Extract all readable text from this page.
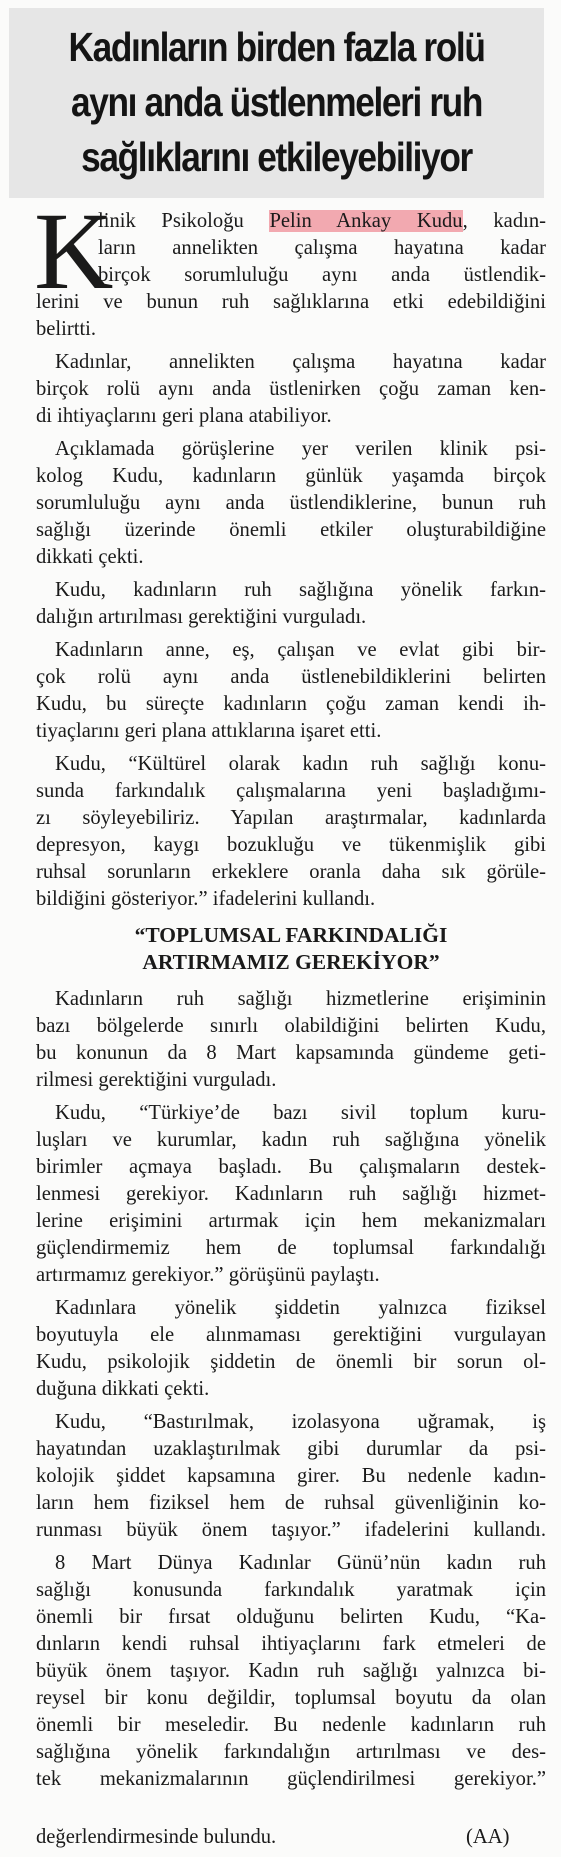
Kadınların birden fazla rolü
aynı anda üstlenmeleri ruh
sağlıklarını etkileyebiliyor
K
linik Psikoloğu Pelin Ankay Kudu, kadın-
ların annelikten çalışma hayatına kadar
birçok sorumluluğu aynı anda üstlendik-
lerini ve bunun ruh sağlıklarına etki edebildiğini
belirtti.
Kadınlar, annelikten çalışma hayatına kadar
birçok rolü aynı anda üstlenirken çoğu zaman ken-
di ihtiyaçlarını geri plana atabiliyor.
Açıklamada görüşlerine yer verilen klinik psi-
kolog Kudu, kadınların günlük yaşamda birçok
sorumluluğu aynı anda üstlendiklerine, bunun ruh
sağlığı üzerinde önemli etkiler oluşturabildiğine
dikkati çekti.
Kudu, kadınların ruh sağlığına yönelik farkın-
dalığın artırılması gerektiğini vurguladı.
Kadınların anne, eş, çalışan ve evlat gibi bir-
çok rolü aynı anda üstlenebildiklerini belirten
Kudu, bu süreçte kadınların çoğu zaman kendi ih-
tiyaçlarını geri plana attıklarına işaret etti.
Kudu, “Kültürel olarak kadın ruh sağlığı konu-
sunda farkındalık çalışmalarına yeni başladığımı-
zı söyleyebiliriz. Yapılan araştırmalar, kadınlarda
depresyon, kaygı bozukluğu ve tükenmişlik gibi
ruhsal sorunların erkeklere oranla daha sık görüle-
bildiğini gösteriyor.” ifadelerini kullandı.
“TOPLUMSAL FARKINDALIĞI
ARTIRMAMIZ GEREKİYOR”
Kadınların ruh sağlığı hizmetlerine erişiminin
bazı bölgelerde sınırlı olabildiğini belirten Kudu,
bu konunun da 8 Mart kapsamında gündeme geti-
rilmesi gerektiğini vurguladı.
Kudu, “Türkiye’de bazı sivil toplum kuru-
luşları ve kurumlar, kadın ruh sağlığına yönelik
birimler açmaya başladı. Bu çalışmaların destek-
lenmesi gerekiyor. Kadınların ruh sağlığı hizmet-
lerine erişimini artırmak için hem mekanizmaları
güçlendirmemiz hem de toplumsal farkındalığı
artırmamız gerekiyor.” görüşünü paylaştı.
Kadınlara yönelik şiddetin yalnızca fiziksel
boyutuyla ele alınmaması gerektiğini vurgulayan
Kudu, psikolojik şiddetin de önemli bir sorun ol-
duğuna dikkati çekti.
Kudu, “Bastırılmak, izolasyona uğramak, iş
hayatından uzaklaştırılmak gibi durumlar da psi-
kolojik şiddet kapsamına girer. Bu nedenle kadın-
ların hem fiziksel hem de ruhsal güvenliğinin ko-
runması büyük önem taşıyor.” ifadelerini kullandı.
8 Mart Dünya Kadınlar Günü’nün kadın ruh
sağlığı konusunda farkındalık yaratmak için
önemli bir fırsat olduğunu belirten Kudu, “Ka-
dınların kendi ruhsal ihtiyaçlarını fark etmeleri de
büyük önem taşıyor. Kadın ruh sağlığı yalnızca bi-
reysel bir konu değildir, toplumsal boyutu da olan
önemli bir meseledir. Bu nedenle kadınların ruh
sağlığına yönelik farkındalığın artırılması ve des-
tek mekanizmalarının güçlendirilmesi gerekiyor.”
değerlendirmesinde bulundu.	(AA)
